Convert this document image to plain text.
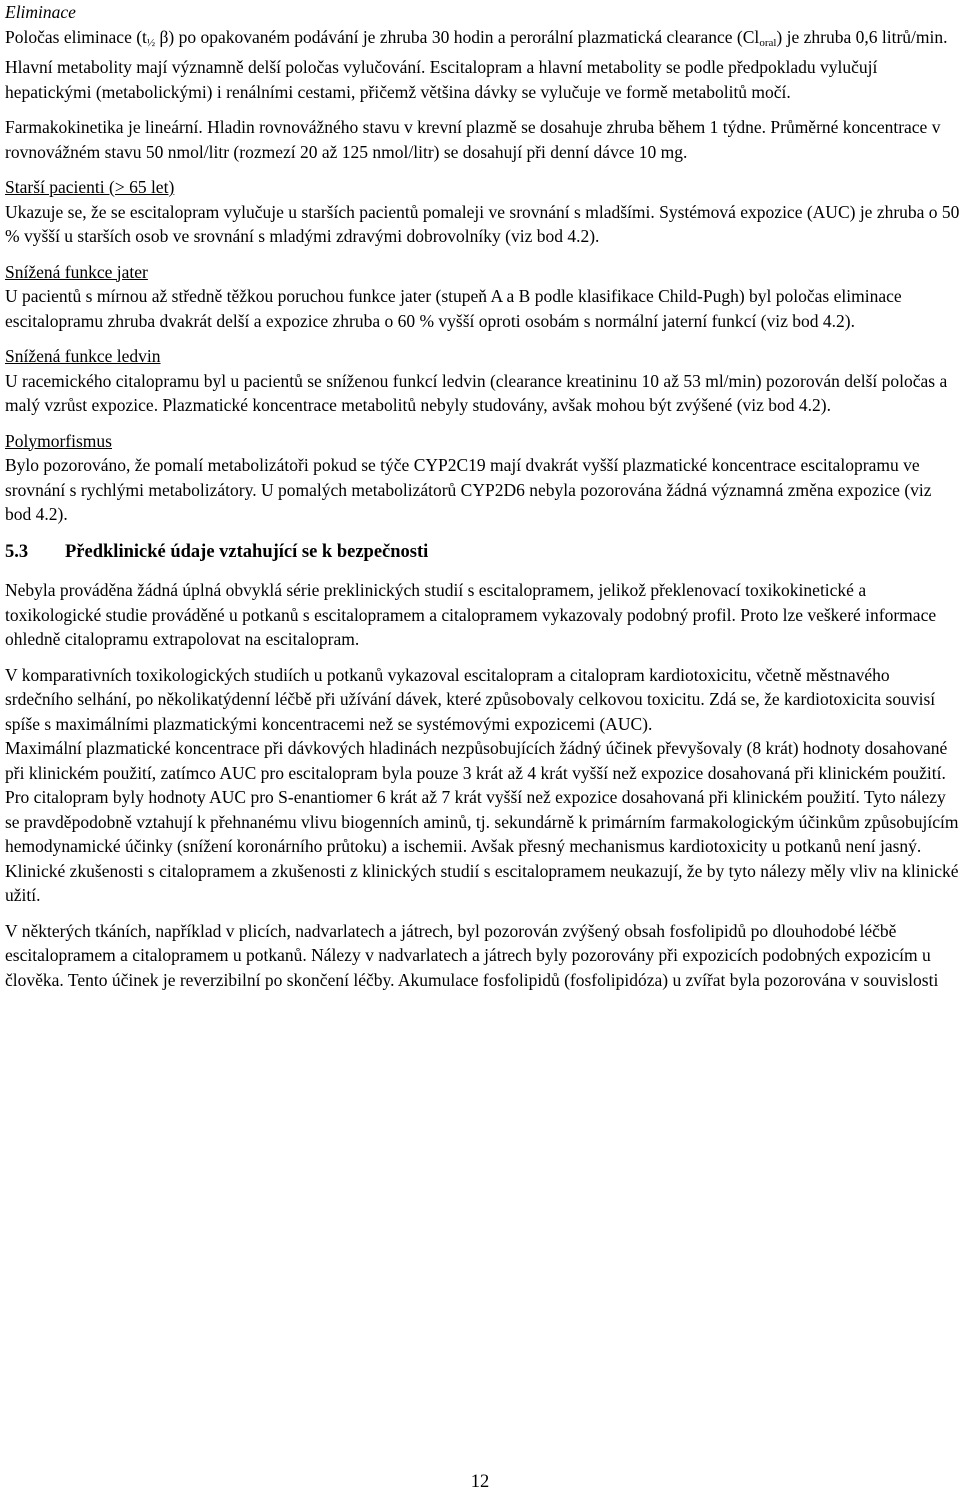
Eliminace

Poločas eliminace ($t_{\frac{1}{2}}$ β) po opakovaném podávání je zhruba 30 hodin a perorální plazmatická clearance $(Cl_{oral})$ je zhruba 0,6 litrů/min. Hlavní metabolity mají významně delší poločas vylučování. Escitalopram a hlavní metabolity se podle předpokladu vylučují hepatickými (metabolickými) i renálními cestami, přičemž většina dávky se vylučuje ve formě metabolitů močí.

Farmakokinetika je lineární. Hladin rovnovážného stavu v krevní plazmě se dosahuje zhruba během 1 týdne. Průměrné koncentrace v rovnovážném stavu 50 nmol/litr (rozmezí 20 až 125 nmol/litr) se dosahují při denní dávce 10 mg.

Starší pacienti (> 65 let)

Ukazuje se, že se escitalopram vylučuje u starších pacientů pomaleji ve srovnání s mladšími. Systémová expozice (AUC) je zhruba o 50 % vyšší u starších osob ve srovnání s mladými zdravými dobrovolníky (viz bod 4.2).

Snížená funkce jater

U pacientů s mírnou až středně těžkou poruchou funkce jater (stupeň A a B podle klasifikace Child-Pugh) byl poločas eliminace escitalopramu zhruba dvakrát delší a expozice zhruba o 60 % vyšší oproti osobám s normální jaterní funkcí (viz bod 4.2).

Snížená funkce ledvin

U racemického citalopramu byl u pacientů se sníženou funkcí ledvin (clearance kreatininu 10 až 53 ml/min) pozorován delší poločas a malý vzrůst expozice. Plazmatické koncentrace metabolitů nebyly studovány, avšak mohou být zvýšené (viz bod 4.2).

Polymorfismus

Bylo pozorováno, že pomalí metabolizátoři pokud se týče CYP2C19 mají dvakrát vyšší plazmatické koncentrace escitalopramu ve srovnání s rychlými metabolizátory. U pomalých metabolizátorů CYP2D6 nebyla pozorována žádná významná změna expozice (viz bod 4.2).

5.3 Předklinické údaje vztahující se k bezpečnosti

Nebyla prováděna žádná úplná obvyklá série preklinických studií s escitalopramem, jelikož překlenovací toxikokinetické a toxikologické studie prováděné u potkanů s escitalopramem a citalopramem vykazovaly podobný profil. Proto lze veškeré informace ohledně citalopramu extrapolovat na escitalopram.

V komparativních toxikologických studiích u potkanů vykazoval escitalopram a citalopram kardiotoxicitu, včetně městnavého srdečního selhání, po několikatýdenní léčbě při užívání dávek, které způsobovaly celkovou toxicitu. Zdá se, že kardiotoxicita souvisí spíše s maximálními plazmatickými koncentracemi než se systémovými expozicemi (AUC).

Maximální plazmatické koncentrace při dávkových hladinách nezpůsobujících žádný účinek převyšovaly (8 krát) hodnoty dosahované při klinickém použití, zatímco AUC pro escitalopram byla pouze 3 krát až 4 krát vyšší než expozice dosahovaná při klinickém použití. Pro citalopram byly hodnoty AUC pro S-enantiomer 6 krát až 7 krát vyšší než expozice dosahovaná při klinickém použití. Tyto nálezy se pravděpodobně vztahují k přehnanému vlivu biogenních aminů, tj. sekundárně k primárním farmakologickým účinkům způsobujícím hemodynamické účinky (snížení koronárního průtoku) a ischemii. Avšak přesný mechanismus kardiotoxicity u potkanů není jasný. Klinické zkušenosti s citalopramem a zkušenosti z klinických studií s escitalopramem neukazují, že by tyto nálezy měly vliv na klinické užití.

V některých tkáních, například v plicích, nadvarlatech a játrech, byl pozorován zvýšený obsah fosfolipidů po dlouhodobé léčbě escitalopramem a citalopramem u potkanů. Nálezy v nadvarlatech a játrech byly pozorovány při expozicích podobných expozicím u člověka. Tento účinek je reverzibilní po skončení léčby. Akumulace fosfolipidů (fosfolipidóza) u zvířat byla pozorována v souvislosti

12
